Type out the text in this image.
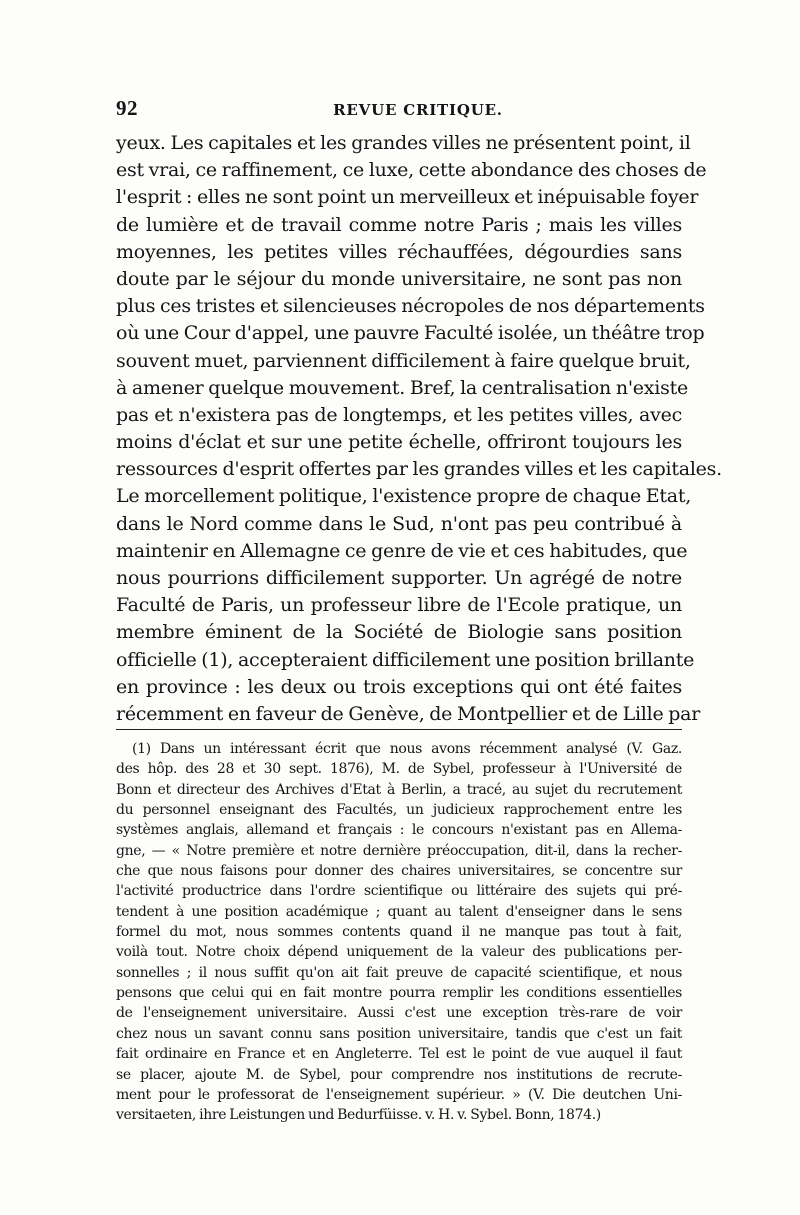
92	REVUE CRITIQUE.
yeux. Les capitales et les grandes villes ne présentent point, il
est vrai, ce raffinement, ce luxe, cette abondance des choses de
l'esprit : elles ne sont point un merveilleux et inépuisable foyer
de lumière et de travail comme notre Paris ; mais les villes
moyennes, les petites villes réchauffées, dégourdies sans
doute par le séjour du monde universitaire, ne sont pas non
plus ces tristes et silencieuses nécropoles de nos départements
où une Cour d'appel, une pauvre Faculté isolée, un théâtre trop
souvent muet, parviennent difficilement à faire quelque bruit,
à amener quelque mouvement. Bref, la centralisation n'existe
pas et n'existera pas de longtemps, et les petites villes, avec
moins d'éclat et sur une petite échelle, offriront toujours les
ressources d'esprit offertes par les grandes villes et les capitales.
Le morcellement politique, l'existence propre de chaque Etat,
dans le Nord comme dans le Sud, n'ont pas peu contribué à
maintenir en Allemagne ce genre de vie et ces habitudes, que
nous pourrions difficilement supporter. Un agrégé de notre
Faculté de Paris, un professeur libre de l'Ecole pratique, un
membre éminent de la Société de Biologie sans position
officielle (1), accepteraient difficilement une position brillante
en province : les deux ou trois exceptions qui ont été faites
récemment en faveur de Genève, de Montpellier et de Lille par
(1) Dans un intéressant écrit que nous avons récemment analysé (V. Gaz.
des hôp. des 28 et 30 sept. 1876), M. de Sybel, professeur à l'Université de
Bonn et directeur des Archives d'Etat à Berlin, a tracé, au sujet du recrutement
du personnel enseignant des Facultés, un judicieux rapprochement entre les
systèmes anglais, allemand et français : le concours n'existant pas en Allema-
gne, — « Notre première et notre dernière préoccupation, dit-il, dans la recher-
che que nous faisons pour donner des chaires universitaires, se concentre sur
l'activité productrice dans l'ordre scientifique ou littéraire des sujets qui pré-
tendent à une position académique ; quant au talent d'enseigner dans le sens
formel du mot, nous sommes contents quand il ne manque pas tout à fait,
voilà tout. Notre choix dépend uniquement de la valeur des publications per-
sonnelles ; il nous suffit qu'on ait fait preuve de capacité scientifique, et nous
pensons que celui qui en fait montre pourra remplir les conditions essentielles
de l'enseignement universitaire. Aussi c'est une exception très-rare de voir
chez nous un savant connu sans position universitaire, tandis que c'est un fait
fait ordinaire en France et en Angleterre. Tel est le point de vue auquel il faut
se placer, ajoute M. de Sybel, pour comprendre nos institutions de recrute-
ment pour le professorat de l'enseignement supérieur. » (V. Die deutchen Uni-
versitaeten, ihre Leistungen und Bedurfüisse. v. H. v. Sybel. Bonn, 1874.)
